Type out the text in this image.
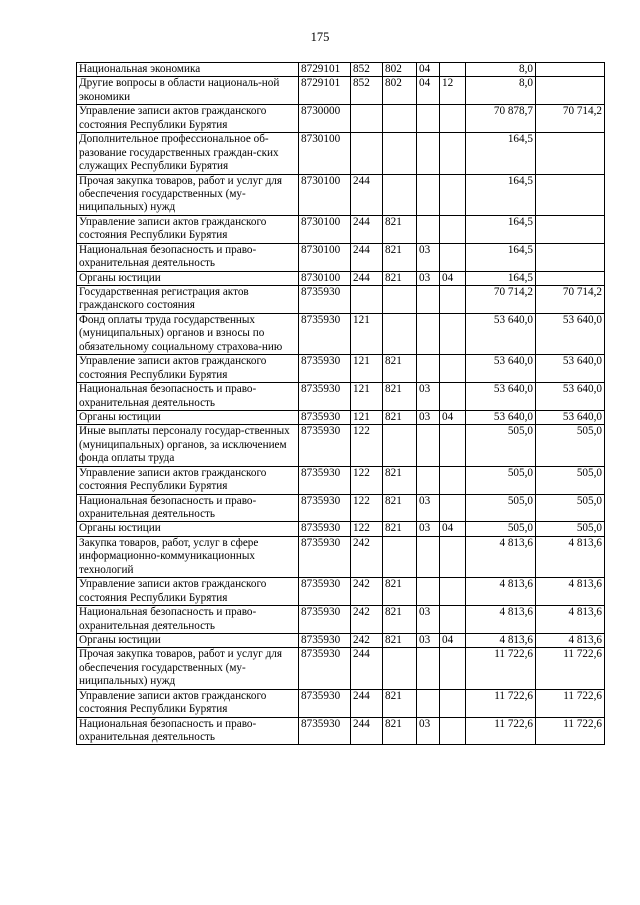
175
Национальная экономика	8729101	852	802	04		8,0	
Другие вопросы в области националь-ной экономики	8729101	852	802	04	12	8,0	
Управление записи актов гражданского состояния Республики Бурятия	8730000					70 878,7	70 714,2
Дополнительное профессиональное об-разование государственных граждан-ских служащих Республики Бурятия	8730100					164,5	
Прочая закупка товаров, работ и услуг для обеспечения государственных (му-ниципальных) нужд	8730100	244				164,5	
Управление записи актов гражданского состояния Республики Бурятия	8730100	244	821			164,5	
Национальная безопасность и право-охранительная деятельность	8730100	244	821	03		164,5	
Органы юстиции	8730100	244	821	03	04	164,5	
Государственная регистрация актов гражданского состояния	8735930					70 714,2	70 714,2
Фонд оплаты труда государственных (муниципальных) органов и взносы по обязательному социальному страхова-нию	8735930	121				53 640,0	53 640,0
Управление записи актов гражданского состояния Республики Бурятия	8735930	121	821			53 640,0	53 640,0
Национальная безопасность и право-охранительная деятельность	8735930	121	821	03		53 640,0	53 640,0
Органы юстиции	8735930	121	821	03	04	53 640,0	53 640,0
Иные выплаты персоналу государ-ственных (муниципальных) органов, за исключением фонда оплаты труда	8735930	122				505,0	505,0
Управление записи актов гражданского состояния Республики Бурятия	8735930	122	821			505,0	505,0
Национальная безопасность и право-охранительная деятельность	8735930	122	821	03		505,0	505,0
Органы юстиции	8735930	122	821	03	04	505,0	505,0
Закупка товаров, работ, услуг в сфере информационно-коммуникационных технологий	8735930	242				4 813,6	4 813,6
Управление записи актов гражданского состояния Республики Бурятия	8735930	242	821			4 813,6	4 813,6
Национальная безопасность и право-охранительная деятельность	8735930	242	821	03		4 813,6	4 813,6
Органы юстиции	8735930	242	821	03	04	4 813,6	4 813,6
Прочая закупка товаров, работ и услуг для обеспечения государственных (му-ниципальных) нужд	8735930	244				11 722,6	11 722,6
Управление записи актов гражданского состояния Республики Бурятия	8735930	244	821			11 722,6	11 722,6
Национальная безопасность и право-охранительная деятельность	8735930	244	821	03		11 722,6	11 722,6
